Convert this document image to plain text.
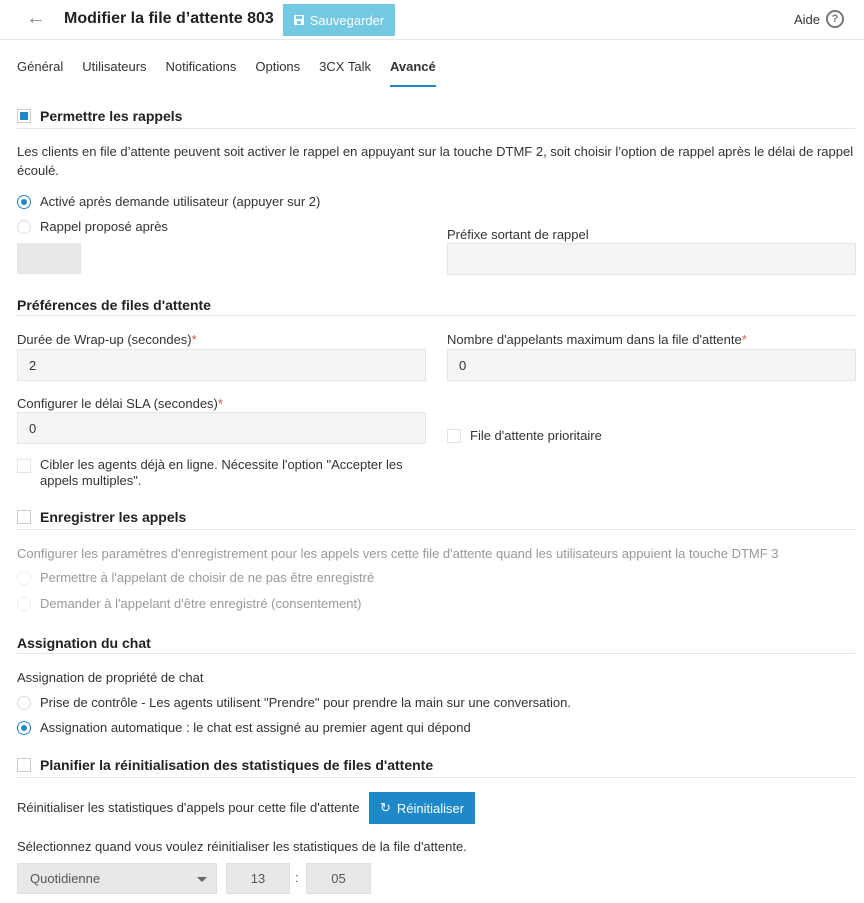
← Modifier la file d’attente 803	Sauvegarder	Aide	?
Général Utilisateurs Notifications Options 3CX Talk Avancé
Permettre les rappels
Les clients en file d’attente peuvent soit activer le rappel en appuyant sur la touche DTMF 2, soit choisir l’option de rappel après le délai de rappel écoulé.
Activé après demande utilisateur (appuyer sur 2)
Rappel proposé après
Préfixe sortant de rappel
Préférences de files d'attente
Durée de Wrap-up (secondes)*
2
Nombre d'appelants maximum dans la file d'attente*
0
Configurer le délai SLA (secondes)*
0	File d'attente prioritaire
Cibler les agents déjà en ligne. Nécessite l'option "Accepter les
appels multiples".
Enregistrer les appels
Configurer les paramètres d'enregistrement pour les appels vers cette file d'attente quand les utilisateurs appuient la touche DTMF 3
Permettre à l'appelant de choisir de ne pas être enregistré
Demander à l'appelant d'être enregistré (consentement)
Assignation du chat
Assignation de propriété de chat
Prise de contrôle - Les agents utilisent "Prendre" pour prendre la main sur une conversation.
Assignation automatique : le chat est assigné au premier agent qui dépond
Planifier la réinitialisation des statistiques de files d'attente
Réinitialiser les statistiques d'appels pour cette file d'attente ↻ Réinitialiser
Sélectionnez quand vous voulez réinitialiser les statistiques de la file d'attente.
Quotidienne	13	:	05
